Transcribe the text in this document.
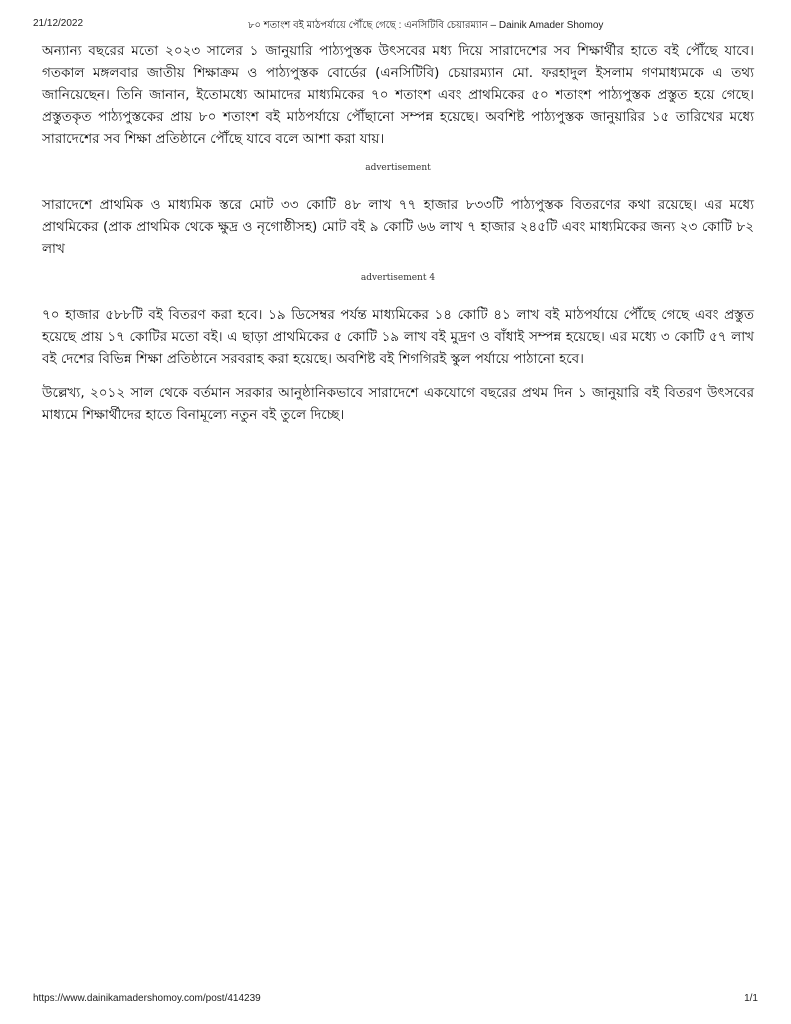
21/12/2022	৮০ শতাংশ বই মাঠপর্যায়ে পৌঁছে গেছে : এনসিটিবি চেয়ারম্যান – Dainik Amader Shomoy

অন্যান্য বছরের মতো ২০২৩ সালের ১ জানুয়ারি পাঠ্যপুস্তক উৎসবের মধ্য দিয়ে সারাদেশের সব শিক্ষার্থীর হাতে বই পৌঁছে যাবে। গতকাল মঙ্গলবার জাতীয় শিক্ষাক্রম ও পাঠ্যপুস্তক বোর্ডের (এনসিটিবি) চেয়ারম্যান মো. ফরহাদুল ইসলাম গণমাধ্যমকে এ তথ্য জানিয়েছেন। তিনি জানান, ইতোমধ্যে আমাদের মাধ্যমিকের ৭০ শতাংশ এবং প্রাথমিকের ৫০ শতাংশ পাঠ্যপুস্তক প্রস্তুত হয়ে গেছে। প্রস্তুতকৃত পাঠ্যপুস্তকের প্রায় ৮০ শতাংশ বই মাঠপর্যায়ে পৌঁছানো সম্পন্ন হয়েছে। অবশিষ্ট পাঠ্যপুস্তক জানুয়ারির ১৫ তারিখের মধ্যে সারাদেশের সব শিক্ষা প্রতিষ্ঠানে পৌঁছে যাবে বলে আশা করা যায়।

advertisement

সারাদেশে প্রাথমিক ও মাধ্যমিক স্তরে মোট ৩৩ কোটি ৪৮ লাখ ৭৭ হাজার ৮৩৩টি পাঠ্যপুস্তক বিতরণের কথা রয়েছে। এর মধ্যে প্রাথমিকের (প্রাক প্রাথমিক থেকে ক্ষুদ্র ও নৃগোষ্ঠীসহ) মোট বই ৯ কোটি ৬৬ লাখ ৭ হাজার ২৪৫টি এবং মাধ্যমিকের জন্য ২৩ কোটি ৮২ লাখ

advertisement 4

৭০ হাজার ৫৮৮টি বই বিতরণ করা হবে। ১৯ ডিসেম্বর পর্যন্ত মাধ্যমিকের ১৪ কোটি ৪১ লাখ বই মাঠপর্যায়ে পৌঁছে গেছে এবং প্রস্তুত হয়েছে প্রায় ১৭ কোটির মতো বই। এ ছাড়া প্রাথমিকের ৫ কোটি ১৯ লাখ বই মুদ্রণ ও বাঁধাই সম্পন্ন হয়েছে। এর মধ্যে ৩ কোটি ৫৭ লাখ বই দেশের বিভিন্ন শিক্ষা প্রতিষ্ঠানে সরবরাহ করা হয়েছে। অবশিষ্ট বই শিগগিরই স্কুল পর্যায়ে পাঠানো হবে।

উল্লেখ্য, ২০১২ সাল থেকে বর্তমান সরকার আনুষ্ঠানিকভাবে সারাদেশে একযোগে বছরের প্রথম দিন ১ জানুয়ারি বই বিতরণ উৎসবের মাধ্যমে শিক্ষার্থীদের হাতে বিনামূল্যে নতুন বই তুলে দিচ্ছে।

https://www.dainikamadershomoy.com/post/414239	1/1
